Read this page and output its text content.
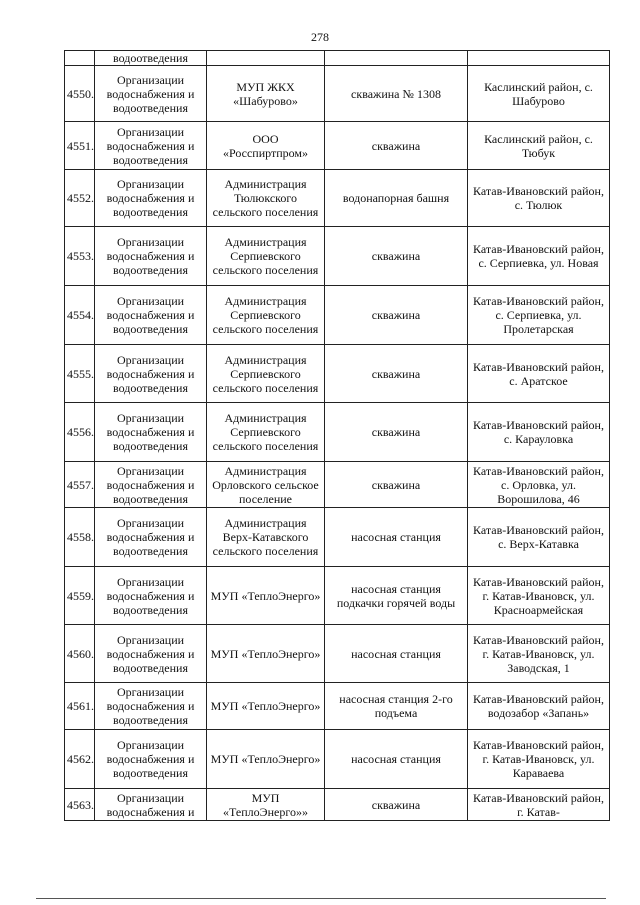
278
	водоотведения			
4550.	Организации водоснабжения и водоотведения	МУП ЖКХ «Шабурово»	скважина № 1308	Каслинский район, с. Шабурово
4551.	Организации водоснабжения и водоотведения	ООО «Росспиртпром»	скважина	Каслинский район, с. Тюбук
4552.	Организации водоснабжения и водоотведения	Администрация Тюлюкского сельского поселения	водонапорная башня	Катав-Ивановский район, с. Тюлюк
4553.	Организации водоснабжения и водоотведения	Администрация Серпиевского сельского поселения	скважина	Катав-Ивановский район, с. Серпиевка, ул. Новая
4554.	Организации водоснабжения и водоотведения	Администрация Серпиевского сельского поселения	скважина	Катав-Ивановский район, с. Серпиевка, ул. Пролетарская
4555.	Организации водоснабжения и водоотведения	Администрация Серпиевского сельского поселения	скважина	Катав-Ивановский район, с. Аратское
4556.	Организации водоснабжения и водоотведения	Администрация Серпиевского сельского поселения	скважина	Катав-Ивановский район, с. Карауловка
4557.	Организации водоснабжения и водоотведения	Администрация Орловского сельское поселение	скважина	Катав-Ивановский район, с. Орловка, ул. Ворошилова, 46
4558.	Организации водоснабжения и водоотведения	Администрация Верх-Катавского сельского поселения	насосная станция	Катав-Ивановский район, с. Верх-Катавка
4559.	Организации водоснабжения и водоотведения	МУП «ТеплоЭнерго»	насосная станция подкачки горячей воды	Катав-Ивановский район, г. Катав-Ивановск, ул. Красноармейская
4560.	Организации водоснабжения и водоотведения	МУП «ТеплоЭнерго»	насосная станция	Катав-Ивановский район, г. Катав-Ивановск, ул. Заводская, 1
4561.	Организации водоснабжения и водоотведения	МУП «ТеплоЭнерго»	насосная станция 2-го подъема	Катав-Ивановский район, водозабор «Запань»
4562.	Организации водоснабжения и водоотведения	МУП «ТеплоЭнерго»	насосная станция	Катав-Ивановский район, г. Катав-Ивановск, ул. Караваева
4563.	Организации водоснабжения и	МУП «ТеплоЭнерго»»	скважина	Катав-Ивановский район, г. Катав-
